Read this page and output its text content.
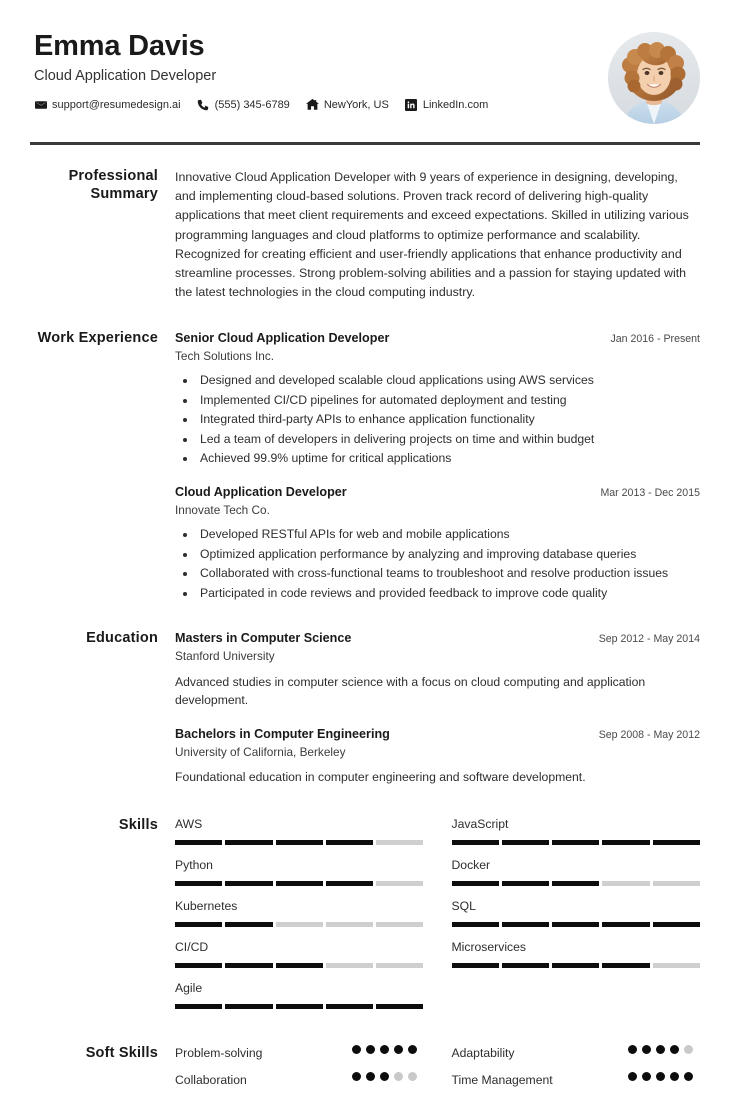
Emma Davis
Cloud Application Developer
support@resumedesign.ai	(555) 345-6789	NewYork, US	LinkedIn.com
Professional Summary

Innovative Cloud Application Developer with 9 years of experience in designing, developing, and implementing cloud-based solutions. Proven track record of delivering high-quality applications that meet client requirements and exceed expectations. Skilled in utilizing various programming languages and cloud platforms to optimize performance and scalability. Recognized for creating efficient and user-friendly applications that enhance productivity and streamline processes. Strong problem-solving abilities and a passion for staying updated with the latest technologies in the cloud computing industry.

Work Experience	Senior Cloud Application Developer	Jan 2016 - Present
Tech Solutions Inc.
• Designed and developed scalable cloud applications using AWS services
• Implemented CI/CD pipelines for automated deployment and testing
• Integrated third-party APIs to enhance application functionality
• Led a team of developers in delivering projects on time and within budget
• Achieved 99.9% uptime for critical applications
Cloud Application Developer	Mar 2013 - Dec 2015
Innovate Tech Co.
• Developed RESTful APIs for web and mobile applications
• Optimized application performance by analyzing and improving database queries
• Collaborated with cross-functional teams to troubleshoot and resolve production issues
• Participated in code reviews and provided feedback to improve code quality
Education	Masters in Computer Science	Sep 2012 - May 2014
Stanford University
Advanced studies in computer science with a focus on cloud computing and application development.
Bachelors in Computer Engineering	Sep 2008 - May 2012
University of California, Berkeley
Foundational education in computer engineering and software development.
Skills	AWS	JavaScript
Python	Docker
Kubernetes	SQL
CI/CD	Microservices
Agile
Soft Skills	Problem-solving	Adaptability
Collaboration	Time Management
